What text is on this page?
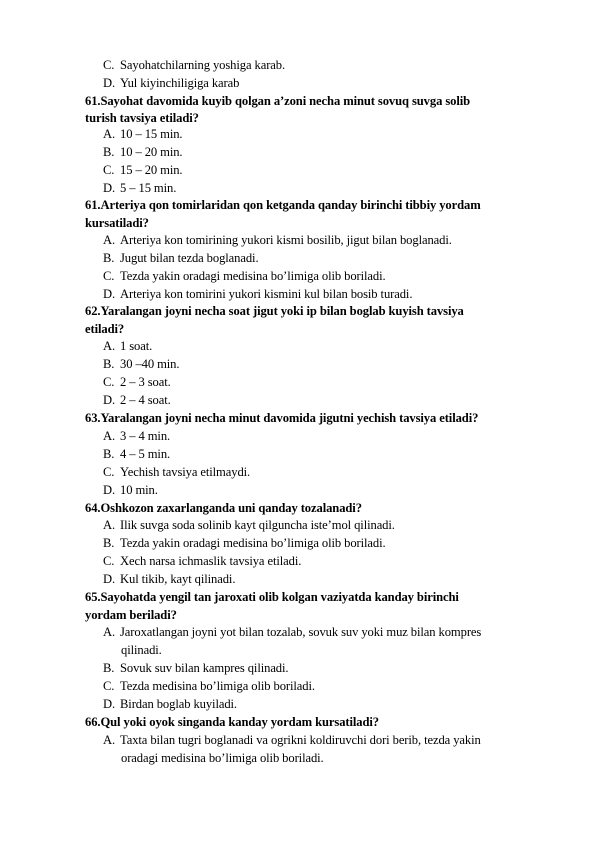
C. Sayohatchilarning yoshiga karab.
D. Yul kiyinchiligiga karab
61.Sayohat davomida kuyib qolgan a’zoni necha minut sovuq suvga solib
turish tavsiya etiladi?
A. 10 – 15 min.
B. 10 – 20 min.
C. 15 – 20 min.
D. 5 – 15 min.
61.Arteriya qon tomirlaridan qon ketganda qanday birinchi tibbiy yordam
kursatiladi?
A. Arteriya kon tomirining yukori kismi bosilib, jigut bilan boglanadi.
B. Jugut bilan tezda boglanadi.
C. Tezda yakin oradagi medisina bo’limiga olib boriladi.
D. Arteriya kon tomirini yukori kismini kul bilan bosib turadi.
62.Yaralangan joyni necha soat jigut yoki ip bilan boglab kuyish tavsiya
etiladi?
A. 1 soat.
B. 30 –40 min.
C. 2 – 3 soat.
D. 2 – 4 soat.
63.Yaralangan joyni necha minut davomida jigutni yechish tavsiya etiladi?
A. 3 – 4 min.
B. 4 – 5 min.
C. Yechish tavsiya etilmaydi.
D. 10 min.
64.Oshkozon zaxarlanganda uni qanday tozalanadi?
A. Ilik suvga soda solinib kayt qilguncha iste’mol qilinadi.
B. Tezda yakin oradagi medisina bo’limiga olib boriladi.
C. Xech narsa ichmaslik tavsiya etiladi.
D. Kul tikib, kayt qilinadi.
65.Sayohatda yengil tan jaroxati olib kolgan vaziyatda kanday birinchi
yordam beriladi?
A. Jaroxatlangan joyni yot bilan tozalab, sovuk suv yoki muz bilan kompres
qilinadi.
B. Sovuk suv bilan kampres qilinadi.
C. Tezda medisina bo’limiga olib boriladi.
D. Birdan boglab kuyiladi.
66.Qul yoki oyok singanda kanday yordam kursatiladi?
A. Taxta bilan tugri boglanadi va ogrikni koldiruvchi dori berib, tezda yakin
oradagi medisina bo’limiga olib boriladi.
